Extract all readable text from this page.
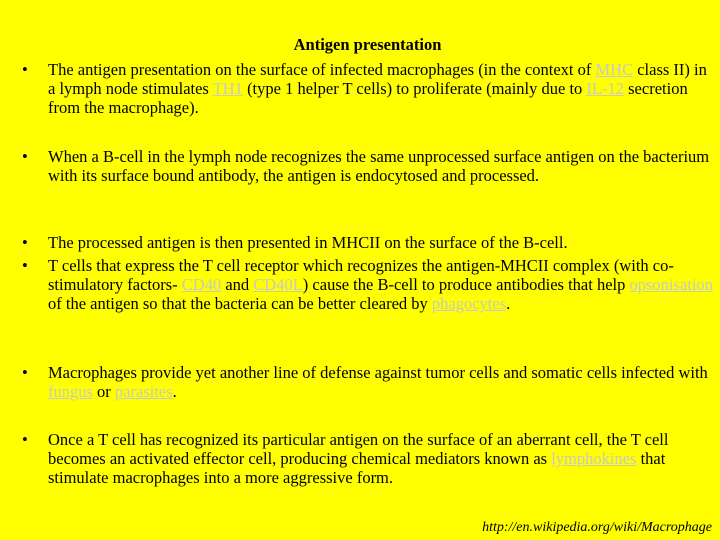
Antigen presentation
• The antigen presentation on the surface of infected macrophages (in the context of MHC class II) in a lymph node stimulates TH1 (type 1 helper T cells) to proliferate (mainly due to IL-12 secretion from the macrophage).
• When a B-cell in the lymph node recognizes the same unprocessed surface antigen on the bacterium with its surface bound antibody, the antigen is endocytosed and processed.
• The processed antigen is then presented in MHCII on the surface of the B-cell.
• T cells that express the T cell receptor which recognizes the antigen-MHCII complex (with co-stimulatory factors- CD40 and CD40L) cause the B-cell to produce antibodies that help opsonisation of the antigen so that the bacteria can be better cleared by phagocytes.
• Macrophages provide yet another line of defense against tumor cells and somatic cells infected with fungus or parasites.
• Once a T cell has recognized its particular antigen on the surface of an aberrant cell, the T cell becomes an activated effector cell, producing chemical mediators known as lymphokines that stimulate macrophages into a more aggressive form.
http://en.wikipedia.org/wiki/Macrophage
